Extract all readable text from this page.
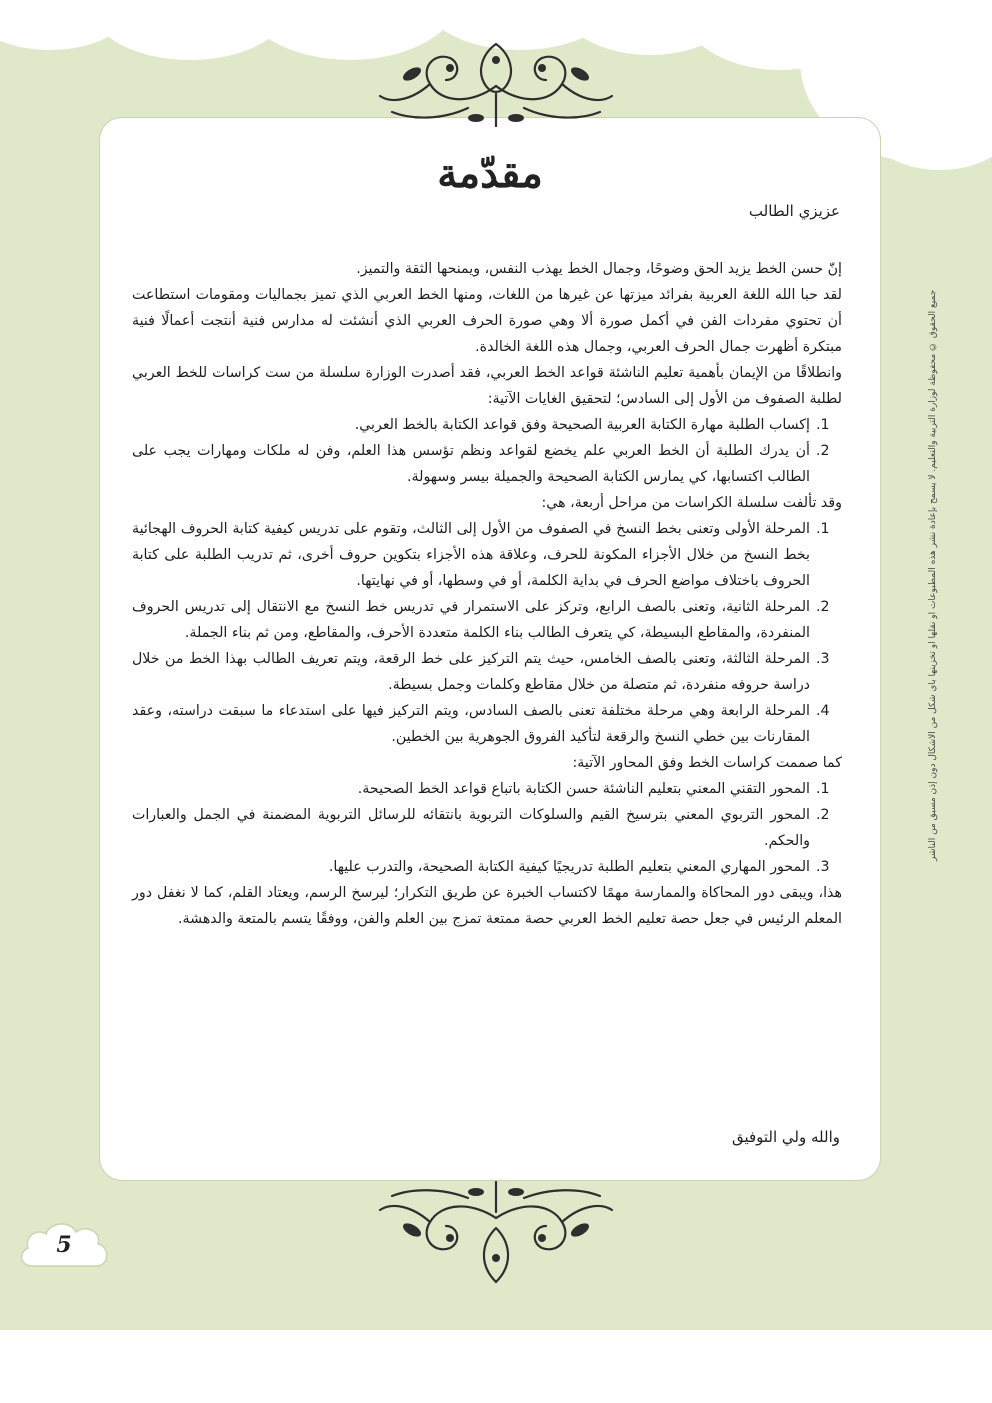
جميع الحقوق © محفوظة لوزارة التربية والتعليم. لا يسمح بإعادة نشر هذه المطبوعات أو نقلها أو تخزينها بأي شكل من الأشكال دون إذن مسبق من الناشر
مقدّمة
عزيزي الطالب

إنّ حسن الخط يزيد الحق وضوحًا، وجمال الخط يهذب النفس، ويمنحها الثقة والتميز.

لقد حبا الله اللغة العربية بفرائد ميزتها عن غيرها من اللغات، ومنها الخط العربي الذي تميز بجماليات ومقومات استطاعت أن تحتوي مفردات الفن في أكمل صورة ألا وهي صورة الحرف العربي الذي أنشئت له مدارس فنية أنتجت أعمالًا فنية مبتكرة أظهرت جمال الحرف العربي، وجمال هذه اللغة الخالدة.

وانطلاقًا من الإيمان بأهمية تعليم الناشئة قواعد الخط العربي، فقد أصدرت الوزارة سلسلة من ست كراسات للخط العربي لطلبة الصفوف من الأول إلى السادس؛ لتحقيق الغايات الآتية:

1.
إكساب الطلبة مهارة الكتابة العربية الصحيحة وفق قواعد الكتابة بالخط العربي.
2.
أن يدرك الطلبة أن الخط العربي علم يخضع لقواعد ونظم تؤسس هذا العلم، وفن له ملكات ومهارات يجب على الطالب اكتسابها، كي يمارس الكتابة الصحيحة والجميلة بيسر وسهولة.

وقد تألفت سلسلة الكراسات من مراحل أربعة، هي:

1.
المرحلة الأولى وتعنى بخط النسخ في الصفوف من الأول إلى الثالث، وتقوم على تدريس كيفية كتابة الحروف الهجائية بخط النسخ من خلال الأجزاء المكونة للحرف، وعلاقة هذه الأجزاء بتكوين حروف أخرى، ثم تدريب الطلبة على كتابة الحروف باختلاف مواضع الحرف في بداية الكلمة، أو في وسطها، أو في نهايتها.
2.
المرحلة الثانية، وتعنى بالصف الرابع، وتركز على الاستمرار في تدريس خط النسخ مع الانتقال إلى تدريس الحروف المنفردة، والمقاطع البسيطة، كي يتعرف الطالب بناء الكلمة متعددة الأحرف، والمقاطع، ومن ثم بناء الجملة.
3.
المرحلة الثالثة، وتعنى بالصف الخامس، حيث يتم التركيز على خط الرقعة، ويتم تعريف الطالب بهذا الخط من خلال دراسة حروفه منفردة، ثم متصلة من خلال مقاطع وكلمات وجمل بسيطة.
4.
المرحلة الرابعة وهي مرحلة مختلفة تعنى بالصف السادس، ويتم التركيز فيها على استدعاء ما سبقت دراسته، وعقد المقارنات بين خطي النسخ والرقعة لتأكيد الفروق الجوهرية بين الخطين.

كما صممت كراسات الخط وفق المحاور الآتية:

1.
المحور التقني المعني بتعليم الناشئة حسن الكتابة باتباع قواعد الخط الصحيحة.
2.
المحور التربوي المعني بترسيخ القيم والسلوكات التربوية بانتقائه للرسائل التربوية المضمنة في الجمل والعبارات والحكم.
3.
المحور المهاري المعني بتعليم الطلبة تدريجيًا كيفية الكتابة الصحيحة، والتدرب عليها.

هذا، ويبقى دور المحاكاة والممارسة مهمًا لاكتساب الخبرة عن طريق التكرار؛ ليرسخ الرسم، ويعتاد القلم، كما لا نغفل دور المعلم الرئيس في جعل حصة تعليم الخط العربي حصة ممتعة تمزج بين العلم والفن، ووفقًا يتسم بالمتعة والدهشة.

والله ولي التوفيق
5
